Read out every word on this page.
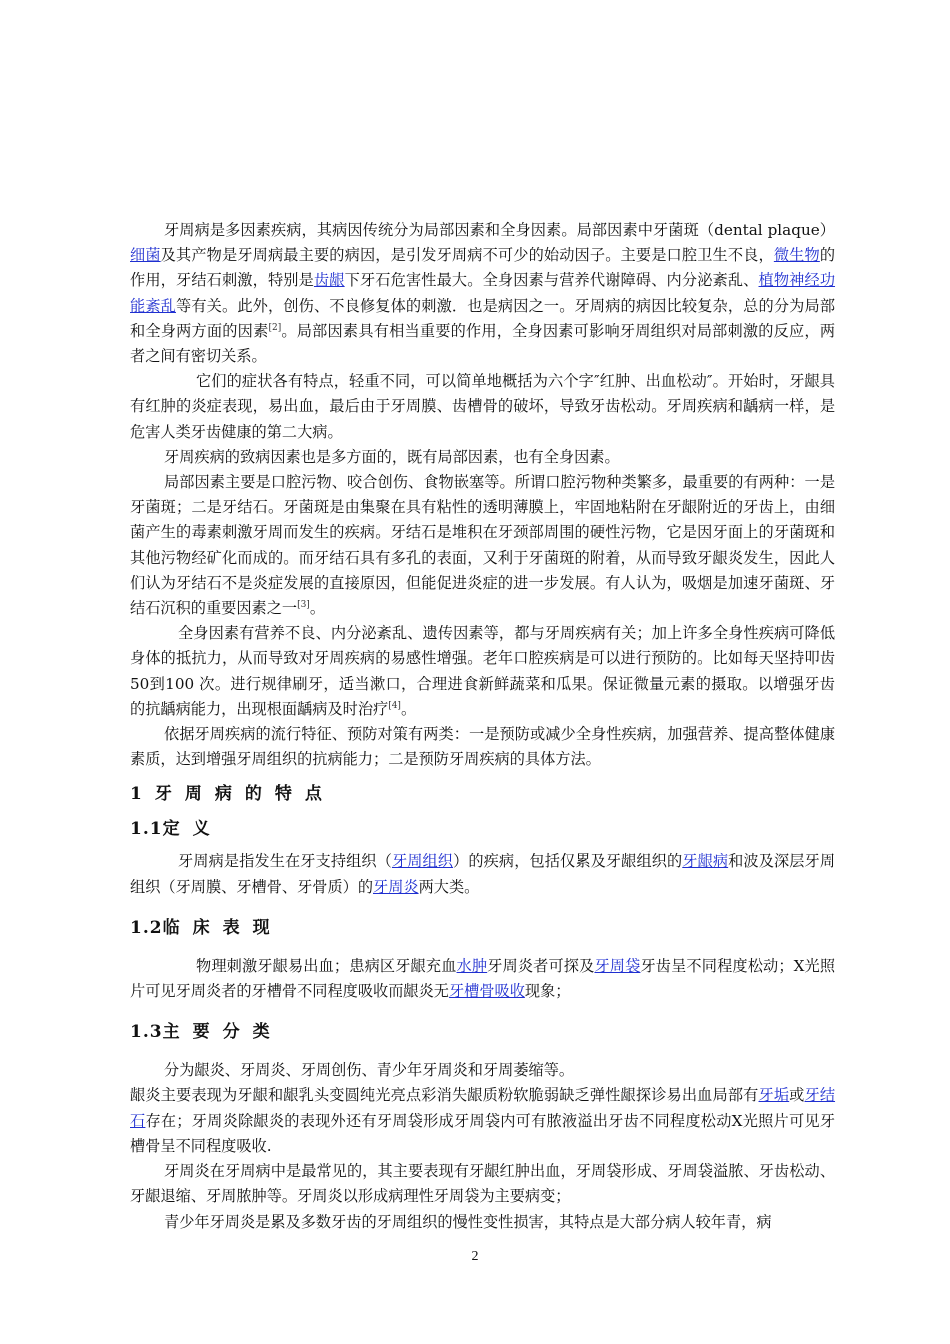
牙周病是多因素疾病，其病因传统分为局部因素和全身因素。局部因素中牙菌斑（dental plaque）细菌及其产物是牙周病最主要的病因，是引发牙周病不可少的始动因子。主要是口腔卫生不良，微生物的作用，牙结石刺激，特别是齿龈下牙石危害性最大。全身因素与营养代谢障碍、内分泌紊乱、植物神经功能紊乱等有关。此外，创伤、不良修复体的刺激．也是病因之一。牙周病的病因比较复杂，总的分为局部和全身两方面的因素[2]。局部因素具有相当重要的作用，全身因素可影响牙周组织对局部刺激的反应，两者之间有密切关系。

它们的症状各有特点，轻重不同，可以简单地概括为六个字″红肿、出血松动″。开始时，牙龈具有红肿的炎症表现，易出血，最后由于牙周膜、齿槽骨的破坏，导致牙齿松动。牙周疾病和龋病一样，是危害人类牙齿健康的第二大病。

牙周疾病的致病因素也是多方面的，既有局部因素，也有全身因素。

局部因素主要是口腔污物、咬合创伤、食物嵌塞等。所谓口腔污物种类繁多，最重要的有两种：一是牙菌斑；二是牙结石。牙菌斑是由集聚在具有粘性的透明薄膜上，牢固地粘附在牙龈附近的牙齿上，由细菌产生的毒素刺激牙周而发生的疾病。牙结石是堆积在牙颈部周围的硬性污物，它是因牙面上的牙菌斑和其他污物经矿化而成的。而牙结石具有多孔的表面，又利于牙菌斑的附着，从而导致牙龈炎发生，因此人们认为牙结石不是炎症发展的直接原因，但能促进炎症的进一步发展。有人认为，吸烟是加速牙菌斑、牙结石沉积的重要因素之一[3]。

全身因素有营养不良、内分泌紊乱、遗传因素等，都与牙周疾病有关；加上许多全身性疾病可降低身体的抵抗力，从而导致对牙周疾病的易感性增强。老年口腔疾病是可以进行预防的。比如每天坚持叩齿50到100 次。进行规律刷牙，适当漱口，合理进食新鲜蔬菜和瓜果。保证微量元素的摄取。以增强牙齿的抗龋病能力，出现根面龋病及时治疗[4]。

依据牙周疾病的流行特征、预防对策有两类：一是预防或减少全身性疾病，加强营养、提高整体健康素质，达到增强牙周组织的抗病能力；二是预防牙周疾病的具体方法。

1牙周病的特点
1.1定义

牙周病是指发生在牙支持组织（牙周组织）的疾病，包括仅累及牙龈组织的牙龈病和波及深层牙周组织（牙周膜、牙槽骨、牙骨质）的牙周炎两大类。

1.2临床表现

物理刺激牙龈易出血；患病区牙龈充血水肿牙周炎者可探及牙周袋牙齿呈不同程度松动；X光照片可见牙周炎者的牙槽骨不同程度吸收而龈炎无牙槽骨吸收现象；

1.3主要分类

分为龈炎、牙周炎、牙周创伤、青少年牙周炎和牙周萎缩等。

龈炎主要表现为牙龈和龈乳头变圆纯光亮点彩消失龈质粉软脆弱缺乏弹性龈探诊易出血局部有牙垢或牙结石存在；牙周炎除龈炎的表现外还有牙周袋形成牙周袋内可有脓液溢出牙齿不同程度松动X光照片可见牙槽骨呈不同程度吸收.

牙周炎在牙周病中是最常见的，其主要表现有牙龈红肿出血，牙周袋形成、牙周袋溢脓、牙齿松动、牙龈退缩、牙周脓肿等。牙周炎以形成病理性牙周袋为主要病变；

青少年牙周炎是累及多数牙齿的牙周组织的慢性变性损害，其特点是大部分病人较年青，病

2
